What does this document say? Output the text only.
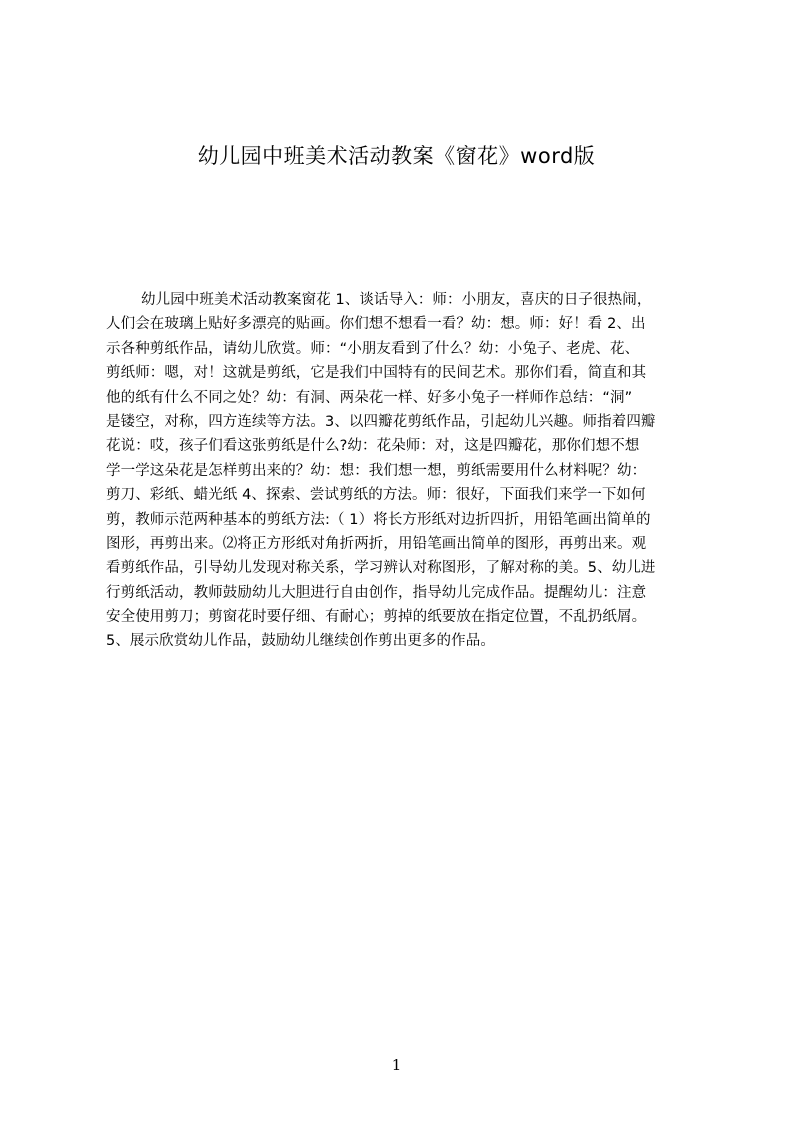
幼儿园中班美术活动教案《窗花》word版
幼儿园中班美术活动教案窗花 1、谈话导入：师：小朋友，喜庆的日子很热闹，
人们会在玻璃上贴好多漂亮的贴画。你们想不想看一看？幼：想。师：好！看 2、出
示各种剪纸作品，请幼儿欣赏。师：“小朋友看到了什么？幼：小兔子、老虎、花、
剪纸师：嗯，对！这就是剪纸，它是我们中国特有的民间艺术。那你们看，简直和其
他的纸有什么不同之处？幼：有洞、两朵花一样、好多小兔子一样师作总结：“洞”
是镂空，对称，四方连续等方法。3、以四瓣花剪纸作品，引起幼儿兴趣。师指着四瓣
花说：哎，孩子们看这张剪纸是什么?幼：花朵师：对，这是四瓣花，那你们想不想
学一学这朵花是怎样剪出来的？幼：想：我们想一想，剪纸需要用什么材料呢？幼：
剪刀、彩纸、蜡光纸 4、探索、尝试剪纸的方法。师：很好，下面我们来学一下如何
剪，教师示范两种基本的剪纸方法:（ 1）将长方形纸对边折四折，用铅笔画出简单的
图形，再剪出来。⑵将正方形纸对角折两折，用铅笔画出简单的图形，再剪出来。观
看剪纸作品，引导幼儿发现对称关系，学习辨认对称图形，了解对称的美。5、幼儿进
行剪纸活动，教师鼓励幼儿大胆进行自由创作，指导幼儿完成作品。提醒幼儿：注意
安全使用剪刀；剪窗花时要仔细、有耐心；剪掉的纸要放在指定位置，不乱扔纸屑。
5、展示欣赏幼儿作品，鼓励幼儿继续创作剪出更多的作品。
1
